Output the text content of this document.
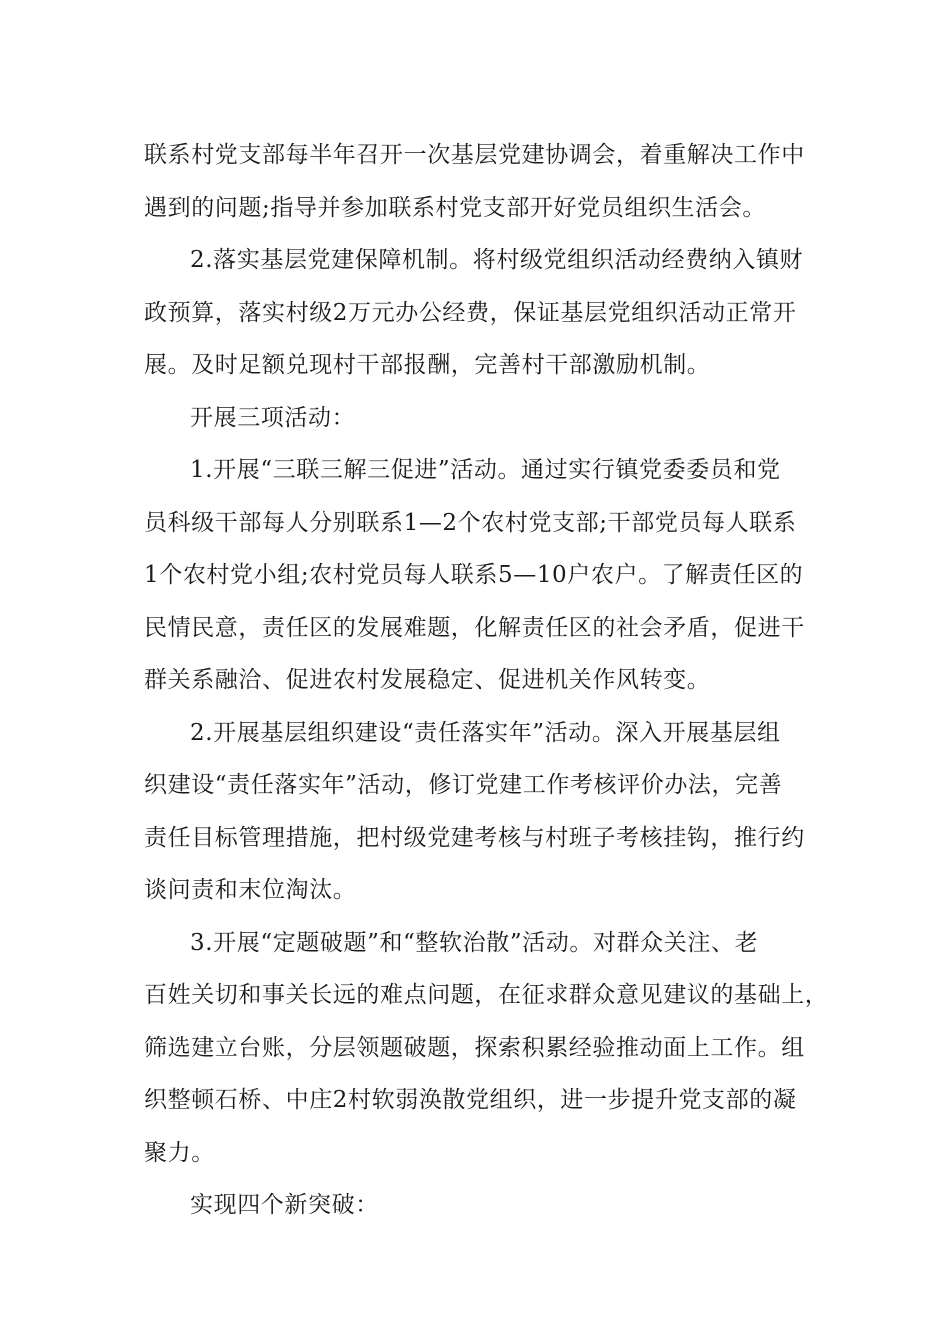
联系村党支部每半年召开一次基层党建协调会，着重解决工作中
遇到的问题;指导并参加联系村党支部开好党员组织生活会。
2.落实基层党建保障机制。将村级党组织活动经费纳入镇财
政预算，落实村级2万元办公经费，保证基层党组织活动正常开
展。及时足额兑现村干部报酬，完善村干部激励机制。
开展三项活动：
1.开展“三联三解三促进”活动。通过实行镇党委委员和党
员科级干部每人分别联系1—2个农村党支部;干部党员每人联系
1个农村党小组;农村党员每人联系5—10户农户。了解责任区的
民情民意，责任区的发展难题，化解责任区的社会矛盾，促进干
群关系融洽、促进农村发展稳定、促进机关作风转变。
2.开展基层组织建设“责任落实年”活动。深入开展基层组
织建设“责任落实年”活动，修订党建工作考核评价办法，完善
责任目标管理措施，把村级党建考核与村班子考核挂钩，推行约
谈问责和末位淘汰。
3.开展“定题破题”和“整软治散”活动。对群众关注、老
百姓关切和事关长远的难点问题，在征求群众意见建议的基础上，
筛选建立台账，分层领题破题，探索积累经验推动面上工作。组
织整顿石桥、中庄2村软弱涣散党组织，进一步提升党支部的凝
聚力。
实现四个新突破：
